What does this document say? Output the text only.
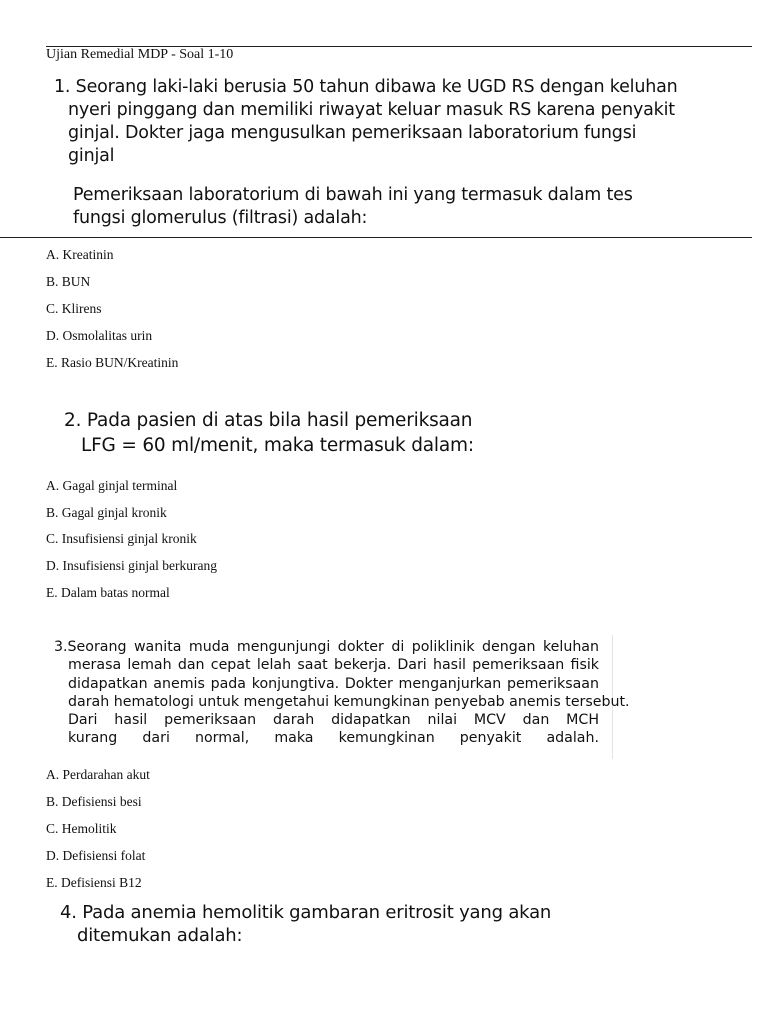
Ujian Remedial MDP - Soal 1-10
1. Seorang laki-laki berusia 50 tahun dibawa ke UGD RS dengan keluhan
nyeri pinggang dan memiliki riwayat keluar masuk RS karena penyakit
ginjal. Dokter jaga mengusulkan pemeriksaan laboratorium fungsi
ginjal
Pemeriksaan laboratorium di bawah ini yang termasuk dalam tes
fungsi glomerulus (filtrasi) adalah:
A. Kreatinin
B. BUN
C. Klirens
D. Osmolalitas urin
E. Rasio BUN/Kreatinin
2. Pada pasien di atas bila hasil pemeriksaan
LFG = 60 ml/menit, maka termasuk dalam:
A. Gagal ginjal terminal
B. Gagal ginjal kronik
C. Insufisiensi ginjal kronik
D. Insufisiensi ginjal berkurang
E. Dalam batas normal
3.Seorang wanita muda mengunjungi dokter di poliklinik dengan keluhan
merasa lemah dan cepat lelah saat bekerja. Dari hasil pemeriksaan fisik
didapatkan anemis pada konjungtiva. Dokter menganjurkan pemeriksaan
darah hematologi untuk mengetahui kemungkinan penyebab anemis tersebut.
Dari hasil pemeriksaan darah didapatkan nilai MCV dan MCH
kurang dari normal, maka kemungkinan penyakit adalah.
A. Perdarahan akut
B. Defisiensi besi
C. Hemolitik
D. Defisiensi folat
E. Defisiensi B12
4. Pada anemia hemolitik gambaran eritrosit yang akan
ditemukan adalah:
